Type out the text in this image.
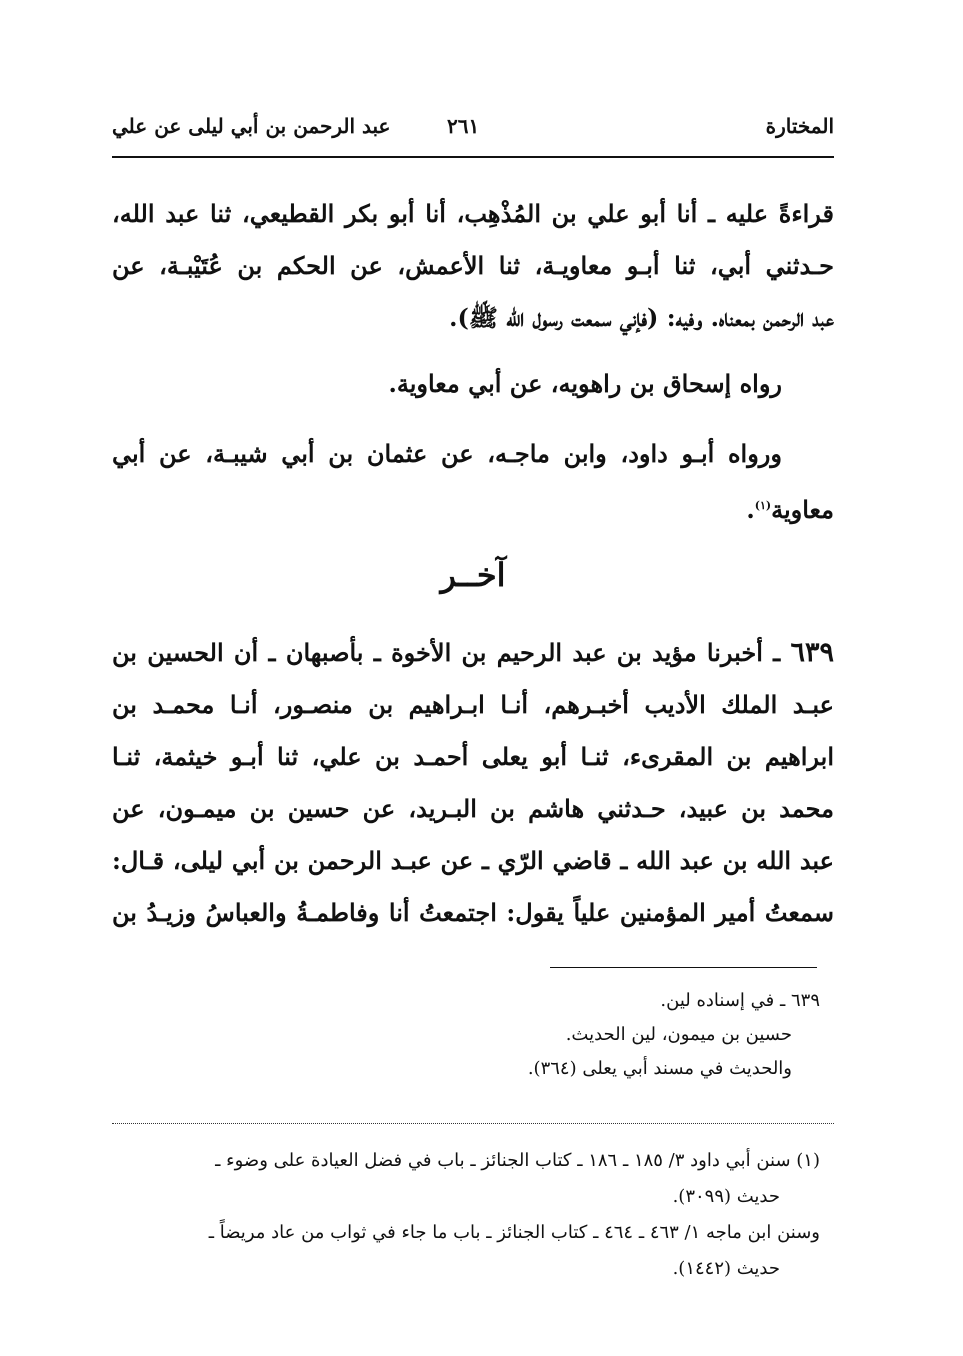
المختارة
٢٦١
عبد الرحمن بن أبي ليلى عن علي
قراءةً عليه ـ أنا أبو علي بن المُذْهِب، أنا أبو بكر القطيعي، ثنا عبد الله،
حـدثني أبي، ثنا أبـو معاويـة، ثنا الأعمش، عن الحكم بن عُتَيْبـة، عن
عبد الرحمن بمعناه. وفيه: (فإني سمعت رسول الله ﷺ).
رواه إسحاق بن راهويه، عن أبي معاوية.
ورواه أبـو داود، وابن ماجـه، عن عثمان بن أبي شيبـة، عن أبي
معاوية$^{(١)}$.
آخــر
٦٣٩ ـ أخبرنا مؤيد بن عبد الرحيم بن الأخوة ـ بأصبهان ـ أن الحسين بن
عبـد الملك الأديب أخبـرهم، أنـا ابـراهيم بن منصـور، أنـا محمـد بن
ابراهيم بن المقرىء، ثنـا أبو يعلى أحمـد بن علي، ثنا أبـو خيثمة، ثنـا
محمد بن عبيد، حـدثني هاشم بن البـريد، عن حسين بن ميمـون، عن
عبد الله بن عبد الله ـ قاضي الرّي ـ عن عبـد الرحمن بن أبي ليلى، قـال:
سمعتُ أمير المؤمنين علياً يقول: اجتمعتُ أنا وفاطمـةُ والعباسُ وزيـدُ بن
٦٣٩ ـ في إسناده لين.
حسين بن ميمون، لين الحديث.
والحديث في مسند أبي يعلى (٣٦٤).
(١) سنن أبي داود ٣/ ١٨٥ ـ ١٨٦ ـ كتاب الجنائز ـ باب في فضل العيادة على وضوء ـ
حديث (٣٠٩٩).
وسنن ابن ماجه ١/ ٤٦٣ ـ ٤٦٤ ـ كتاب الجنائز ـ باب ما جاء في ثواب من عاد مريضاً ـ
حديث (١٤٤٢).
